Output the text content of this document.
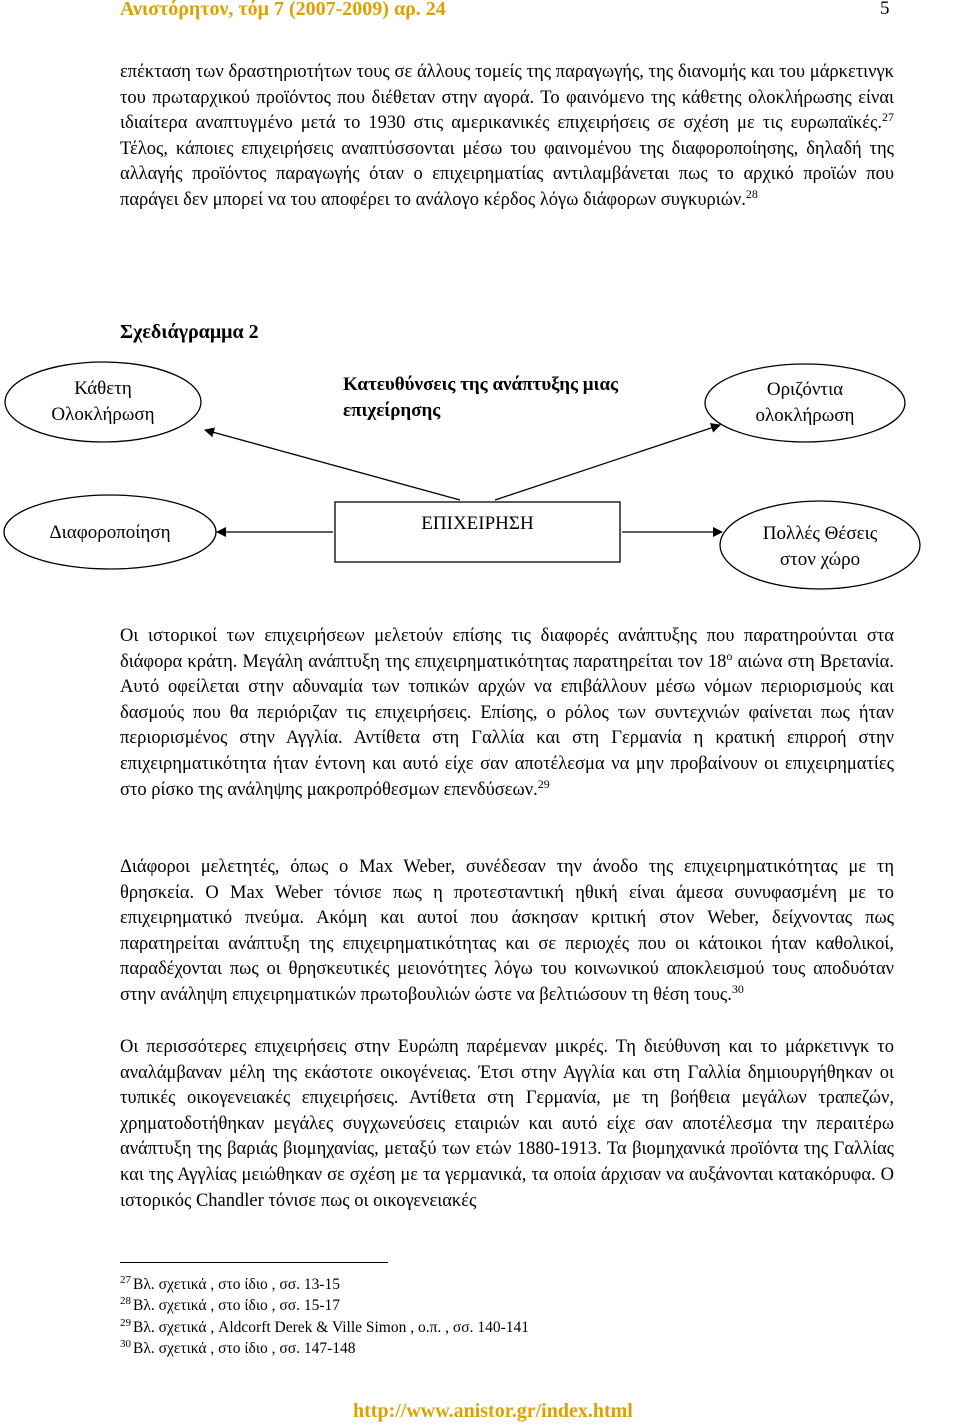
Ανιστόρητον, τόμ 7 (2007-2009) αρ. 24	5

επέκταση των δραστηριοτήτων τους σε άλλους τομείς της παραγωγής, της διανομής και του μάρκετινγκ του πρωταρχικού προϊόντος που διέθεταν στην αγορά. Το φαινόμενο της κάθετης ολοκλήρωσης είναι ιδιαίτερα αναπτυγμένο μετά το 1930 στις αμερικανικές επιχειρήσεις σε σχέση με τις ευρωπαϊκές.$^{27}$ Τέλος, κάποιες επιχειρήσεις αναπτύσσονται μέσω του φαινομένου της διαφοροποίησης, δηλαδή της αλλαγής προϊόντος παραγωγής όταν ο επιχειρηματίας αντιλαμβάνεται πως το αρχικό προϊών που παράγει δεν μπορεί να του αποφέρει το ανάλογο κέρδος λόγω διάφορων συγκυριών.$^{28}$

Σχεδιάγραμμα 2

Κάθετη
Ολοκλήρωση
Κατευθύνσεις της ανάπτυξης μιας
επιχείρησης
Οριζόντια
ολοκλήρωση
Διαφοροποίηση	ΕΠΙΧΕΙΡΗΣΗ	Πολλές Θέσεις
στον χώρο

Οι ιστορικοί των επιχειρήσεων μελετούν επίσης τις διαφορές ανάπτυξης που παρατηρούνται στα διάφορα κράτη. Μεγάλη ανάπτυξη της επιχειρηματικότητας παρατηρείται τον $18^o$ αιώνα στη Βρετανία. Αυτό οφείλεται στην αδυναμία των τοπικών αρχών να επιβάλλουν μέσω νόμων περιορισμούς και δασμούς που θα περιόριζαν τις επιχειρήσεις. Επίσης, ο ρόλος των συντεχνιών φαίνεται πως ήταν περιορισμένος στην Αγγλία. Αντίθετα στη Γαλλία και στη Γερμανία η κρατική επιρροή στην επιχειρηματικότητα ήταν έντονη και αυτό είχε σαν αποτέλεσμα να μην προβαίνουν οι επιχειρηματίες στο ρίσκο της ανάληψης μακροπρόθεσμων επενδύσεων.$^{29}$

Διάφοροι μελετητές, όπως ο Max Weber, συνέδεσαν την άνοδο της επιχειρηματικότητας με τη θρησκεία. Ο Max Weber τόνισε πως η προτεσταντική ηθική είναι άμεσα συνυφασμένη με το επιχειρηματικό πνεύμα. Ακόμη και αυτοί που άσκησαν κριτική στον Weber, δείχνοντας πως παρατηρείται ανάπτυξη της επιχειρηματικότητας και σε περιοχές που οι κάτοικοι ήταν καθολικοί, παραδέχονται πως οι θρησκευτικές μειονότητες λόγω του κοινωνικού αποκλεισμού τους αποδυόταν στην ανάληψη επιχειρηματικών πρωτοβουλιών ώστε να βελτιώσουν τη θέση τους.$^{30}$

Οι περισσότερες επιχειρήσεις στην Ευρώπη παρέμεναν μικρές. Τη διεύθυνση και το μάρκετινγκ το αναλάμβαναν μέλη της εκάστοτε οικογένειας. Έτσι στην Αγγλία και στη Γαλλία δημιουργήθηκαν οι τυπικές οικογενειακές επιχειρήσεις. Αντίθετα στη Γερμανία, με τη βοήθεια μεγάλων τραπεζών, χρηματοδοτήθηκαν μεγάλες συγχωνεύσεις εταιριών και αυτό είχε σαν αποτέλεσμα την περαιτέρω ανάπτυξη της βαριάς βιομηχανίας, μεταξύ των ετών 1880-1913. Τα βιομηχανικά προϊόντα της Γαλλίας και της Αγγλίας μειώθηκαν σε σχέση με τα γερμανικά, τα οποία άρχισαν να αυξάνονται κατακόρυφα. Ο ιστορικός Chandler τόνισε πως οι οικογενειακές

$^{27}$ Βλ. σχετικά , στο ίδιο , σσ. 13-15

$^{28}$ Βλ. σχετικά , στο ίδιο , σσ. 15-17

$^{29}$ Βλ. σχετικά , Aldcorft Derek & Ville Simon , ο.π. , σσ. 140-141

$^{30}$ Βλ. σχετικά , στο ίδιο , σσ. 147-148

http://www.anistor.gr/index.html
